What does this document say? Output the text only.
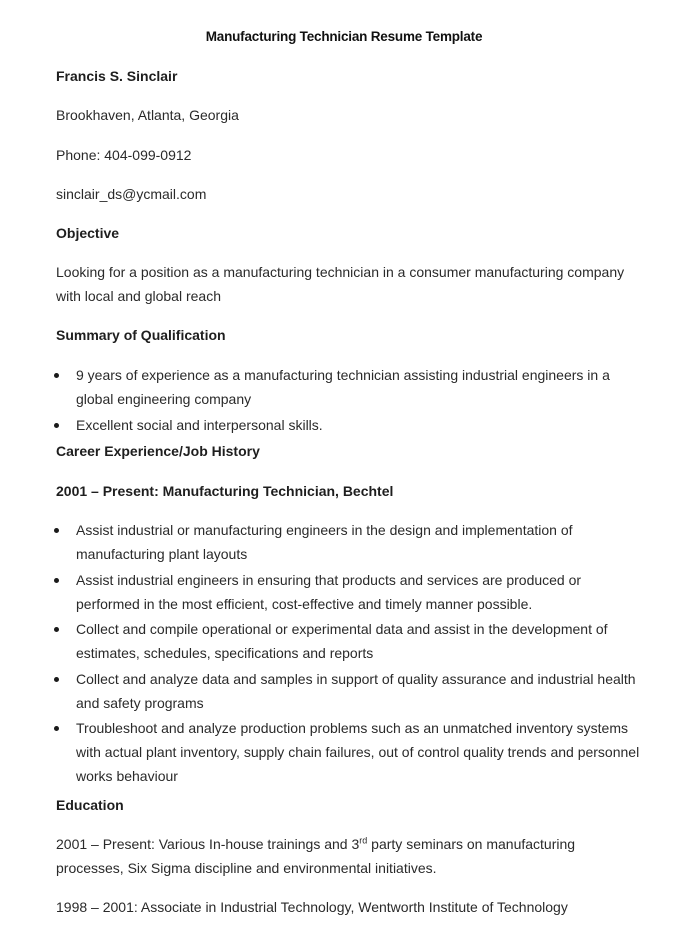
Manufacturing Technician Resume Template
Francis S. Sinclair
Brookhaven, Atlanta, Georgia
Phone: 404-099-0912
sinclair_ds@ycmail.com
Objective
Looking for a position as a manufacturing technician in a consumer manufacturing company with local and global reach
Summary of Qualification
9 years of experience as a manufacturing technician assisting industrial engineers in a global engineering company
Excellent social and interpersonal skills.
Career Experience/Job History
2001 – Present: Manufacturing Technician, Bechtel
Assist industrial or manufacturing engineers in the design and implementation of manufacturing plant layouts
Assist industrial engineers in ensuring that products and services are produced or performed in the most efficient, cost-effective and timely manner possible.
Collect and compile operational or experimental data and assist in the development of estimates, schedules, specifications and reports
Collect and analyze data and samples in support of quality assurance and industrial health and safety programs
Troubleshoot and analyze production problems such as an unmatched inventory systems with actual plant inventory, supply chain failures, out of control quality trends and personnel works behaviour
Education
2001 – Present: Various In-house trainings and 3rd party seminars on manufacturing processes, Six Sigma discipline and environmental initiatives.
1998 – 2001: Associate in Industrial Technology, Wentworth Institute of Technology
